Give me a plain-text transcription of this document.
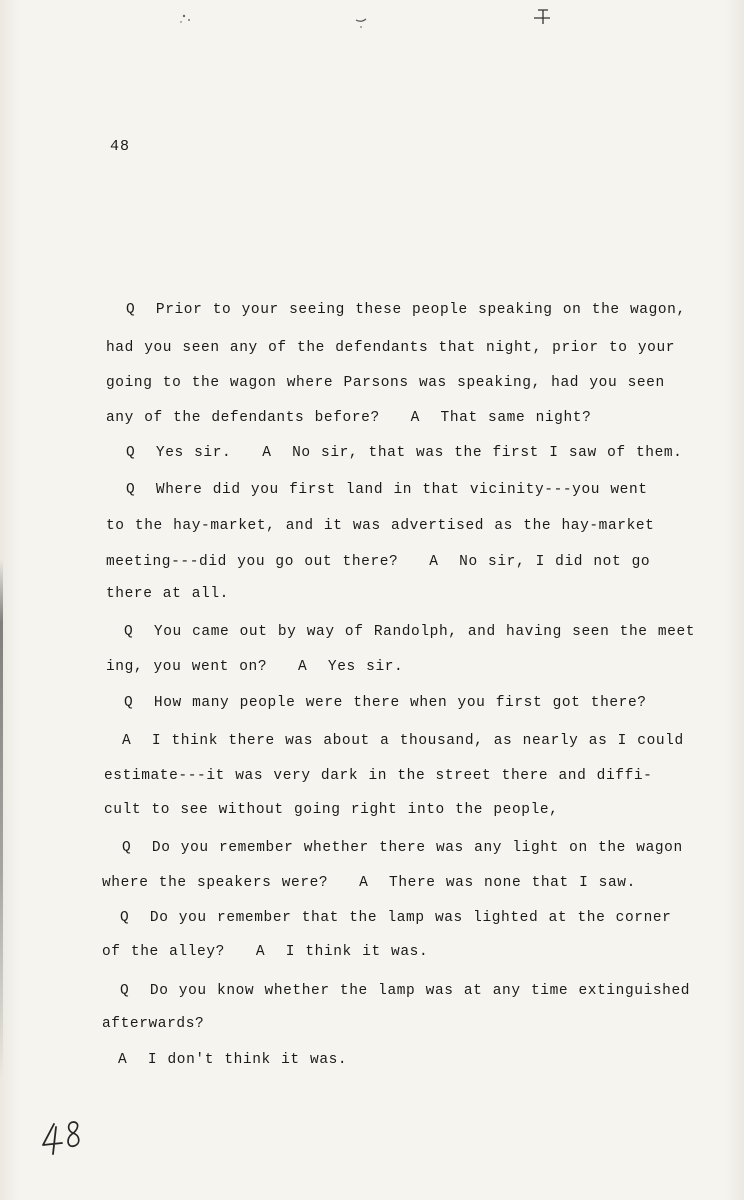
48
Q  Prior to your seeing these people speaking on the wagon,
had you seen any of the defendants that night, prior to your
going to the wagon where Parsons was speaking, had you seen
any of the defendants before?   A  That same night?
Q  Yes sir.   A  No sir, that was the first I saw of them.
Q  Where did you first land in that vicinity---you went
to the hay-market, and it was advertised as the hay-market
meeting---did you go out there?   A  No sir, I did not go
there at all.
Q  You came out by way of Randolph, and having seen the meet
ing, you went on?   A  Yes sir.
Q  How many people were there when you first got there?
A  I think there was about a thousand, as nearly as I could
estimate---it was very dark in the street there and diffi-
cult to see without going right into the people,
Q  Do you remember whether there was any light on the wagon
where the speakers were?   A  There was none that I saw.
Q  Do you remember that the lamp was lighted at the corner
of the alley?   A  I think it was.
Q  Do you know whether the lamp was at any time extinguished
afterwards?
A  I don't think it was.
